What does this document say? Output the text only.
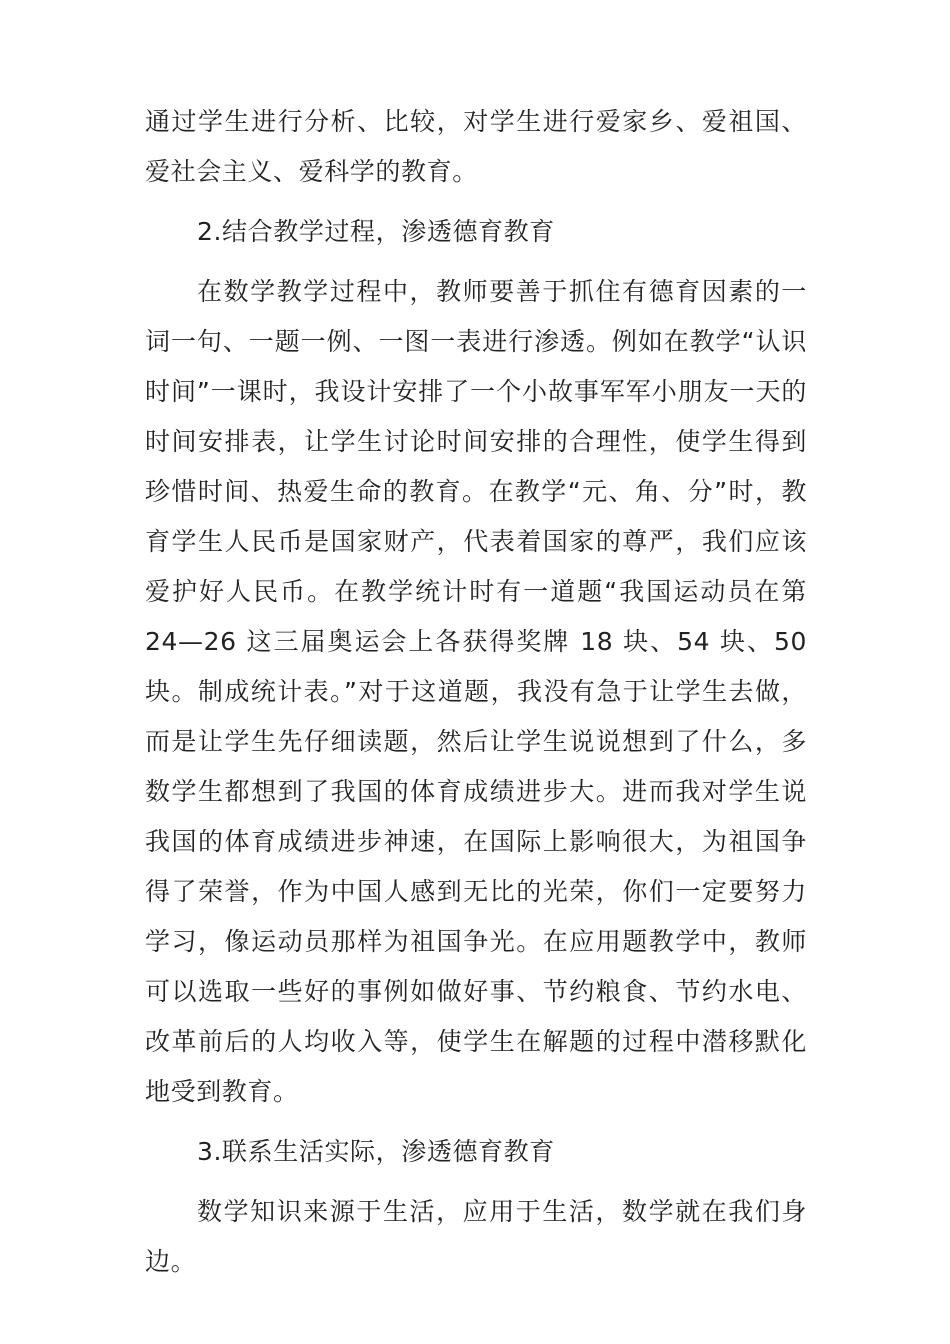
通过学生进行分析、比较，对学生进行爱家乡、爱祖国、爱社会主义、爱科学的教育。

2.结合教学过程，渗透德育教育

在数学教学过程中，教师要善于抓住有德育因素的一词一句、一题一例、一图一表进行渗透。例如在教学“认识时间”一课时，我设计安排了一个小故事军军小朋友一天的时间安排表，让学生讨论时间安排的合理性，使学生得到珍惜时间、热爱生命的教育。在教学“元、角、分”时，教育学生人民币是国家财产，代表着国家的尊严，我们应该爱护好人民币。在教学统计时有一道题“我国运动员在第 24—26 这三届奥运会上各获得奖牌 18 块、54 块、50 块。制成统计表。”对于这道题，我没有急于让学生去做，而是让学生先仔细读题，然后让学生说说想到了什么，多数学生都想到了我国的体育成绩进步大。进而我对学生说我国的体育成绩进步神速，在国际上影响很大，为祖国争得了荣誉，作为中国人感到无比的光荣，你们一定要努力学习，像运动员那样为祖国争光。在应用题教学中，教师可以选取一些好的事例如做好事、节约粮食、节约水电、改革前后的人均收入等，使学生在解题的过程中潜移默化地受到教育。

3.联系生活实际，渗透德育教育

数学知识来源于生活，应用于生活，数学就在我们身边。
